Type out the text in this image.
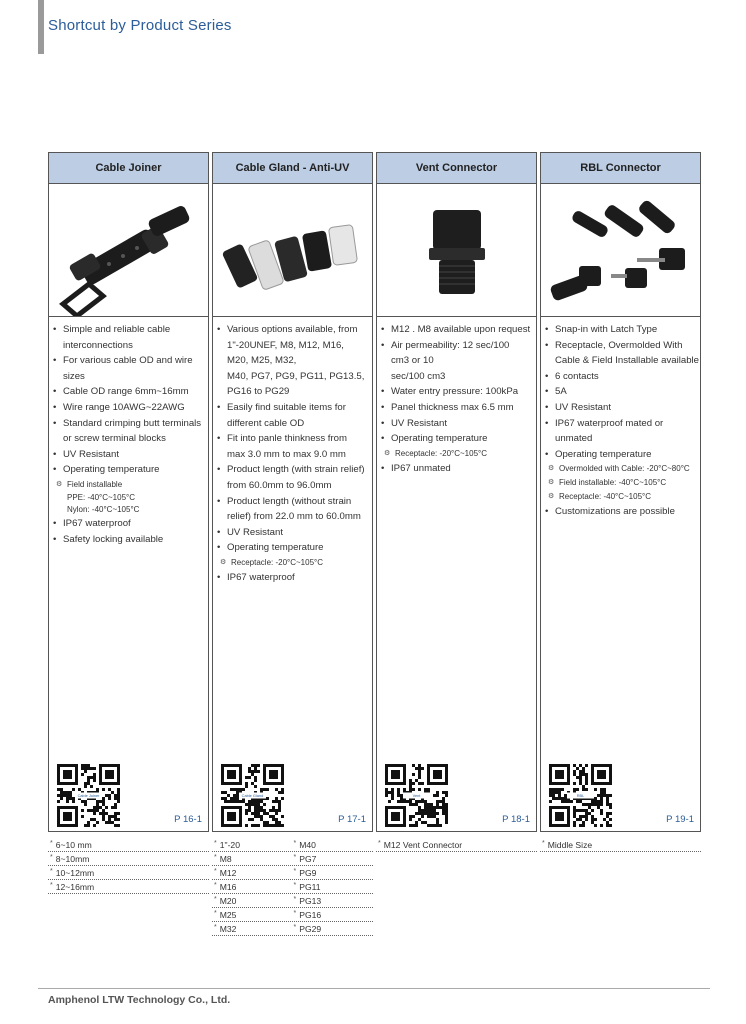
Shortcut by Product Series
Cable Joiner
• Simple and reliable cable
interconnections
• For various cable OD and wire
sizes
• Cable OD range 6mm~16mm
• Wire range 10AWG~22AWG
• Standard crimping butt terminals
or screw terminal blocks
• UV Resistant
• Operating temperature
⚙ Field installable
PPE: -40°C~105°C
Nylon: -40°C~105°C
• IP67 waterproof
• Safety locking available
Cable Joiner
P 16-1
Cable Gland - Anti-UV
• Various options available, from
1"-20UNEF, M8, M12, M16,
M20, M25, M32,
M40, PG7, PG9, PG11, PG13.5,
PG16 to PG29
• Easily find suitable items for
different cable OD
• Fit into panle thinkness from
max 3.0 mm to max 9.0 mm
• Product length (with strain relief)
from 60.0mm to 96.0mm
• Product length (without strain
relief) from 22.0 mm to 60.0mm
• UV Resistant
• Operating temperature
⚙ Receptacle: -20°C~105°C
• IP67 waterproof
Cable Gland
P 17-1
Vent Connector
• M12 . M8 available upon request
• Air permeability: 12 sec/100
cm3 or 10
sec/100 cm3
• Water entry pressure: 100kPa
• Panel thickness max 6.5 mm
• UV Resistant
• Operating temperature
⚙ Receptacle: -20°C~105°C
• IP67 unmated
Vent
P 18-1
RBL Connector
• Snap-in with Latch Type
• Receptacle, Overmolded With
Cable & Field Installable available
• 6 contacts
• 5A
• UV Resistant
• IP67 waterproof mated or
unmated
• Operating temperature
⚙ Overmolded with Cable: -20°C~80°C
⚙ Field installable: -40°C~105°C
⚙ Receptacle: -40°C~105°C
• Customizations are possible
RBL
P 19-1
* 6~10 mm
* 8~10mm
* 10~12mm
* 12~16mm
* 1"-20	* M40
* M8	* PG7
* M12	* PG9
* M16	* PG11
* M20	* PG13
* M25	* PG16
* M32	* PG29
* M12 Vent Connector	* Middle Size
Amphenol LTW Technology Co., Ltd.
